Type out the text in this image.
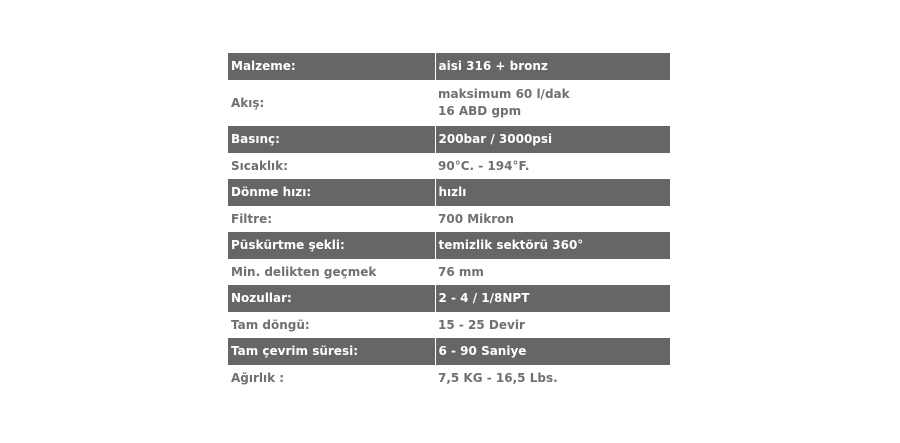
Malzeme:	aisi 316 + bronz

Akış:	maksimum 60 l/dak
16 ABD gpm

Basınç:	200bar / 3000psi

Sıcaklık:	90°C. - 194°F.

Dönme hızı:	hızlı

Filtre:	700 Mikron

Püskürtme şekli:	temizlik sektörü 360°

Min. delikten geçmek	76 mm

Nozullar:	2 - 4 / 1/8NPT

Tam döngü:	15 - 25 Devir

Tam çevrim süresi:	6 - 90 Saniye

Ağırlık :	7,5 KG - 16,5 Lbs.
